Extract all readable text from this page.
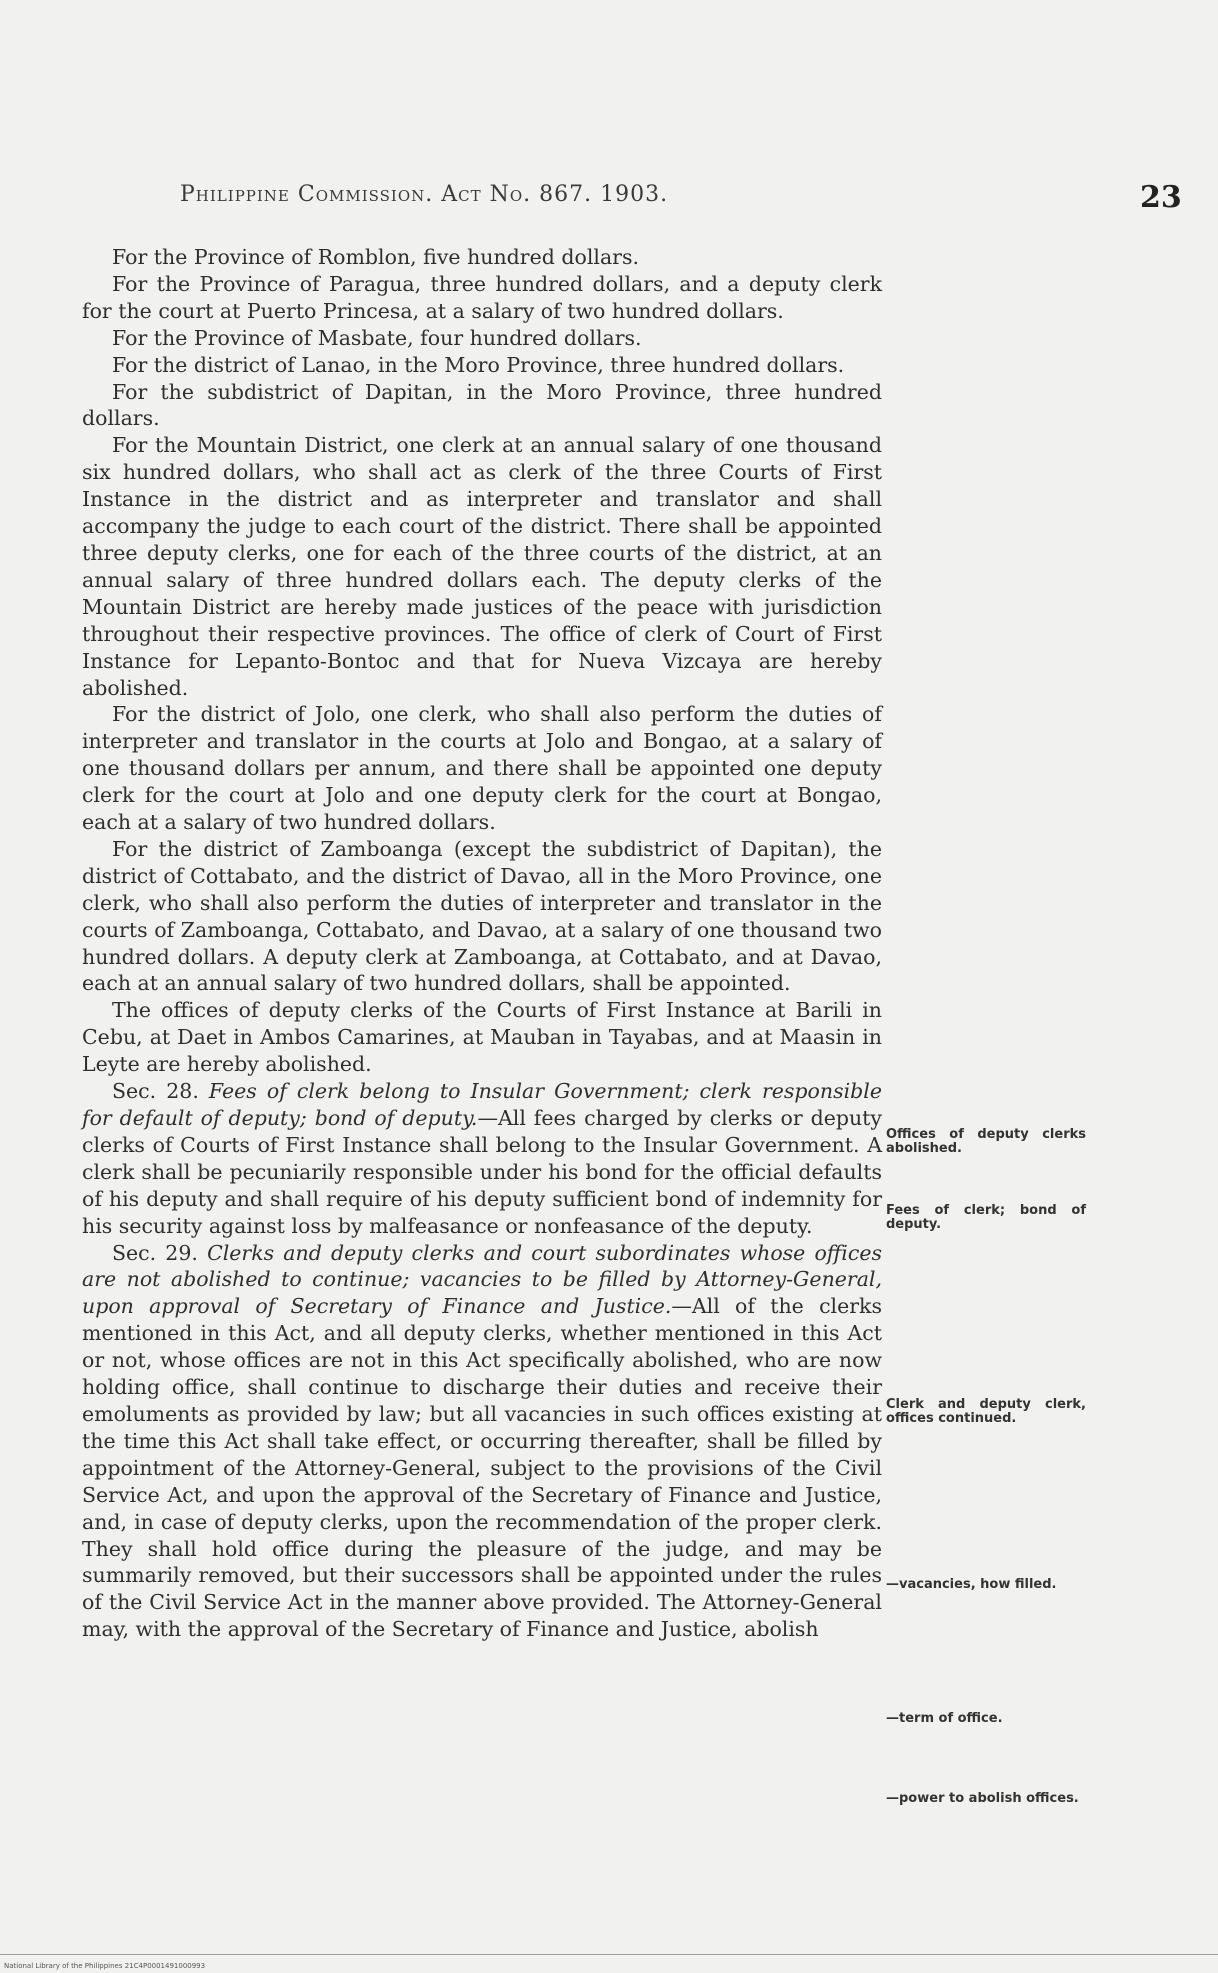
Philippine Commission. Act No. 867. 1903.	23

For the Province of Romblon, five hundred dollars.

For the Province of Paragua, three hundred dollars, and a deputy clerk for the court at Puerto Princesa, at a salary of two hundred dollars.

For the Province of Masbate, four hundred dollars.

For the district of Lanao, in the Moro Province, three hundred dollars.

For the subdistrict of Dapitan, in the Moro Province, three hundred dollars.

For the Mountain District, one clerk at an annual salary of one thousand six hundred dollars, who shall act as clerk of the three Courts of First Instance in the district and as interpreter and translator and shall accompany the judge to each court of the district. There shall be appointed three deputy clerks, one for each of the three courts of the district, at an annual salary of three hundred dollars each. The deputy clerks of the Mountain District are hereby made justices of the peace with jurisdiction throughout their respective provinces. The office of clerk of Court of First Instance for Lepanto-Bontoc and that for Nueva Vizcaya are hereby abolished.

For the district of Jolo, one clerk, who shall also perform the duties of interpreter and translator in the courts at Jolo and Bongao, at a salary of one thousand dollars per annum, and there shall be appointed one deputy clerk for the court at Jolo and one deputy clerk for the court at Bongao, each at a salary of two hundred dollars.

For the district of Zamboanga (except the subdistrict of Dapitan), the district of Cottabato, and the district of Davao, all in the Moro Province, one clerk, who shall also perform the duties of interpreter and translator in the courts of Zamboanga, Cottabato, and Davao, at a salary of one thousand two hundred dollars. A deputy clerk at Zamboanga, at Cottabato, and at Davao, each at an annual salary of two hundred dollars, shall be appointed.

The offices of deputy clerks of the Courts of First Instance at Barili in Cebu, at Daet in Ambos Camarines, at Mauban in Tayabas, and at Maasin in Leyte are hereby abolished.

Sec. 28. Fees of clerk belong to Insular Government; clerk responsible for default of deputy; bond of deputy.—All fees charged by clerks or deputy clerks of Courts of First Instance shall belong to the Insular Government. A clerk shall be pecuniarily responsible under his bond for the official defaults of his deputy and shall require of his deputy sufficient bond of indemnity for his security against loss by malfeasance or nonfeasance of the deputy.

Sec. 29. Clerks and deputy clerks and court subordinates whose offices are not abolished to continue; vacancies to be filled by Attorney-General, upon approval of Secretary of Finance and Justice.—All of the clerks mentioned in this Act, and all deputy clerks, whether mentioned in this Act or not, whose offices are not in this Act specifically abolished, who are now holding office, shall continue to discharge their duties and receive their emoluments as provided by law; but all vacancies in such offices existing at the time this Act shall take effect, or occurring thereafter, shall be filled by appointment of the Attorney-General, subject to the provisions of the Civil Service Act, and upon the approval of the Secretary of Finance and Justice, and, in case of deputy clerks, upon the recommendation of the proper clerk. They shall hold office during the pleasure of the judge, and may be summarily removed, but their successors shall be appointed under the rules of the Civil Service Act in the manner above provided. The Attorney-General may, with the approval of the Secretary of Finance and Justice, abolish

Offices of deputy clerks abolished.
Fees of clerk; bond of deputy.
Clerk and deputy clerk, offices continued.
—vacancies, how filled.
—term of office.
—power to abolish offices.
National Library of the Philippines 21C4P0001491000993
